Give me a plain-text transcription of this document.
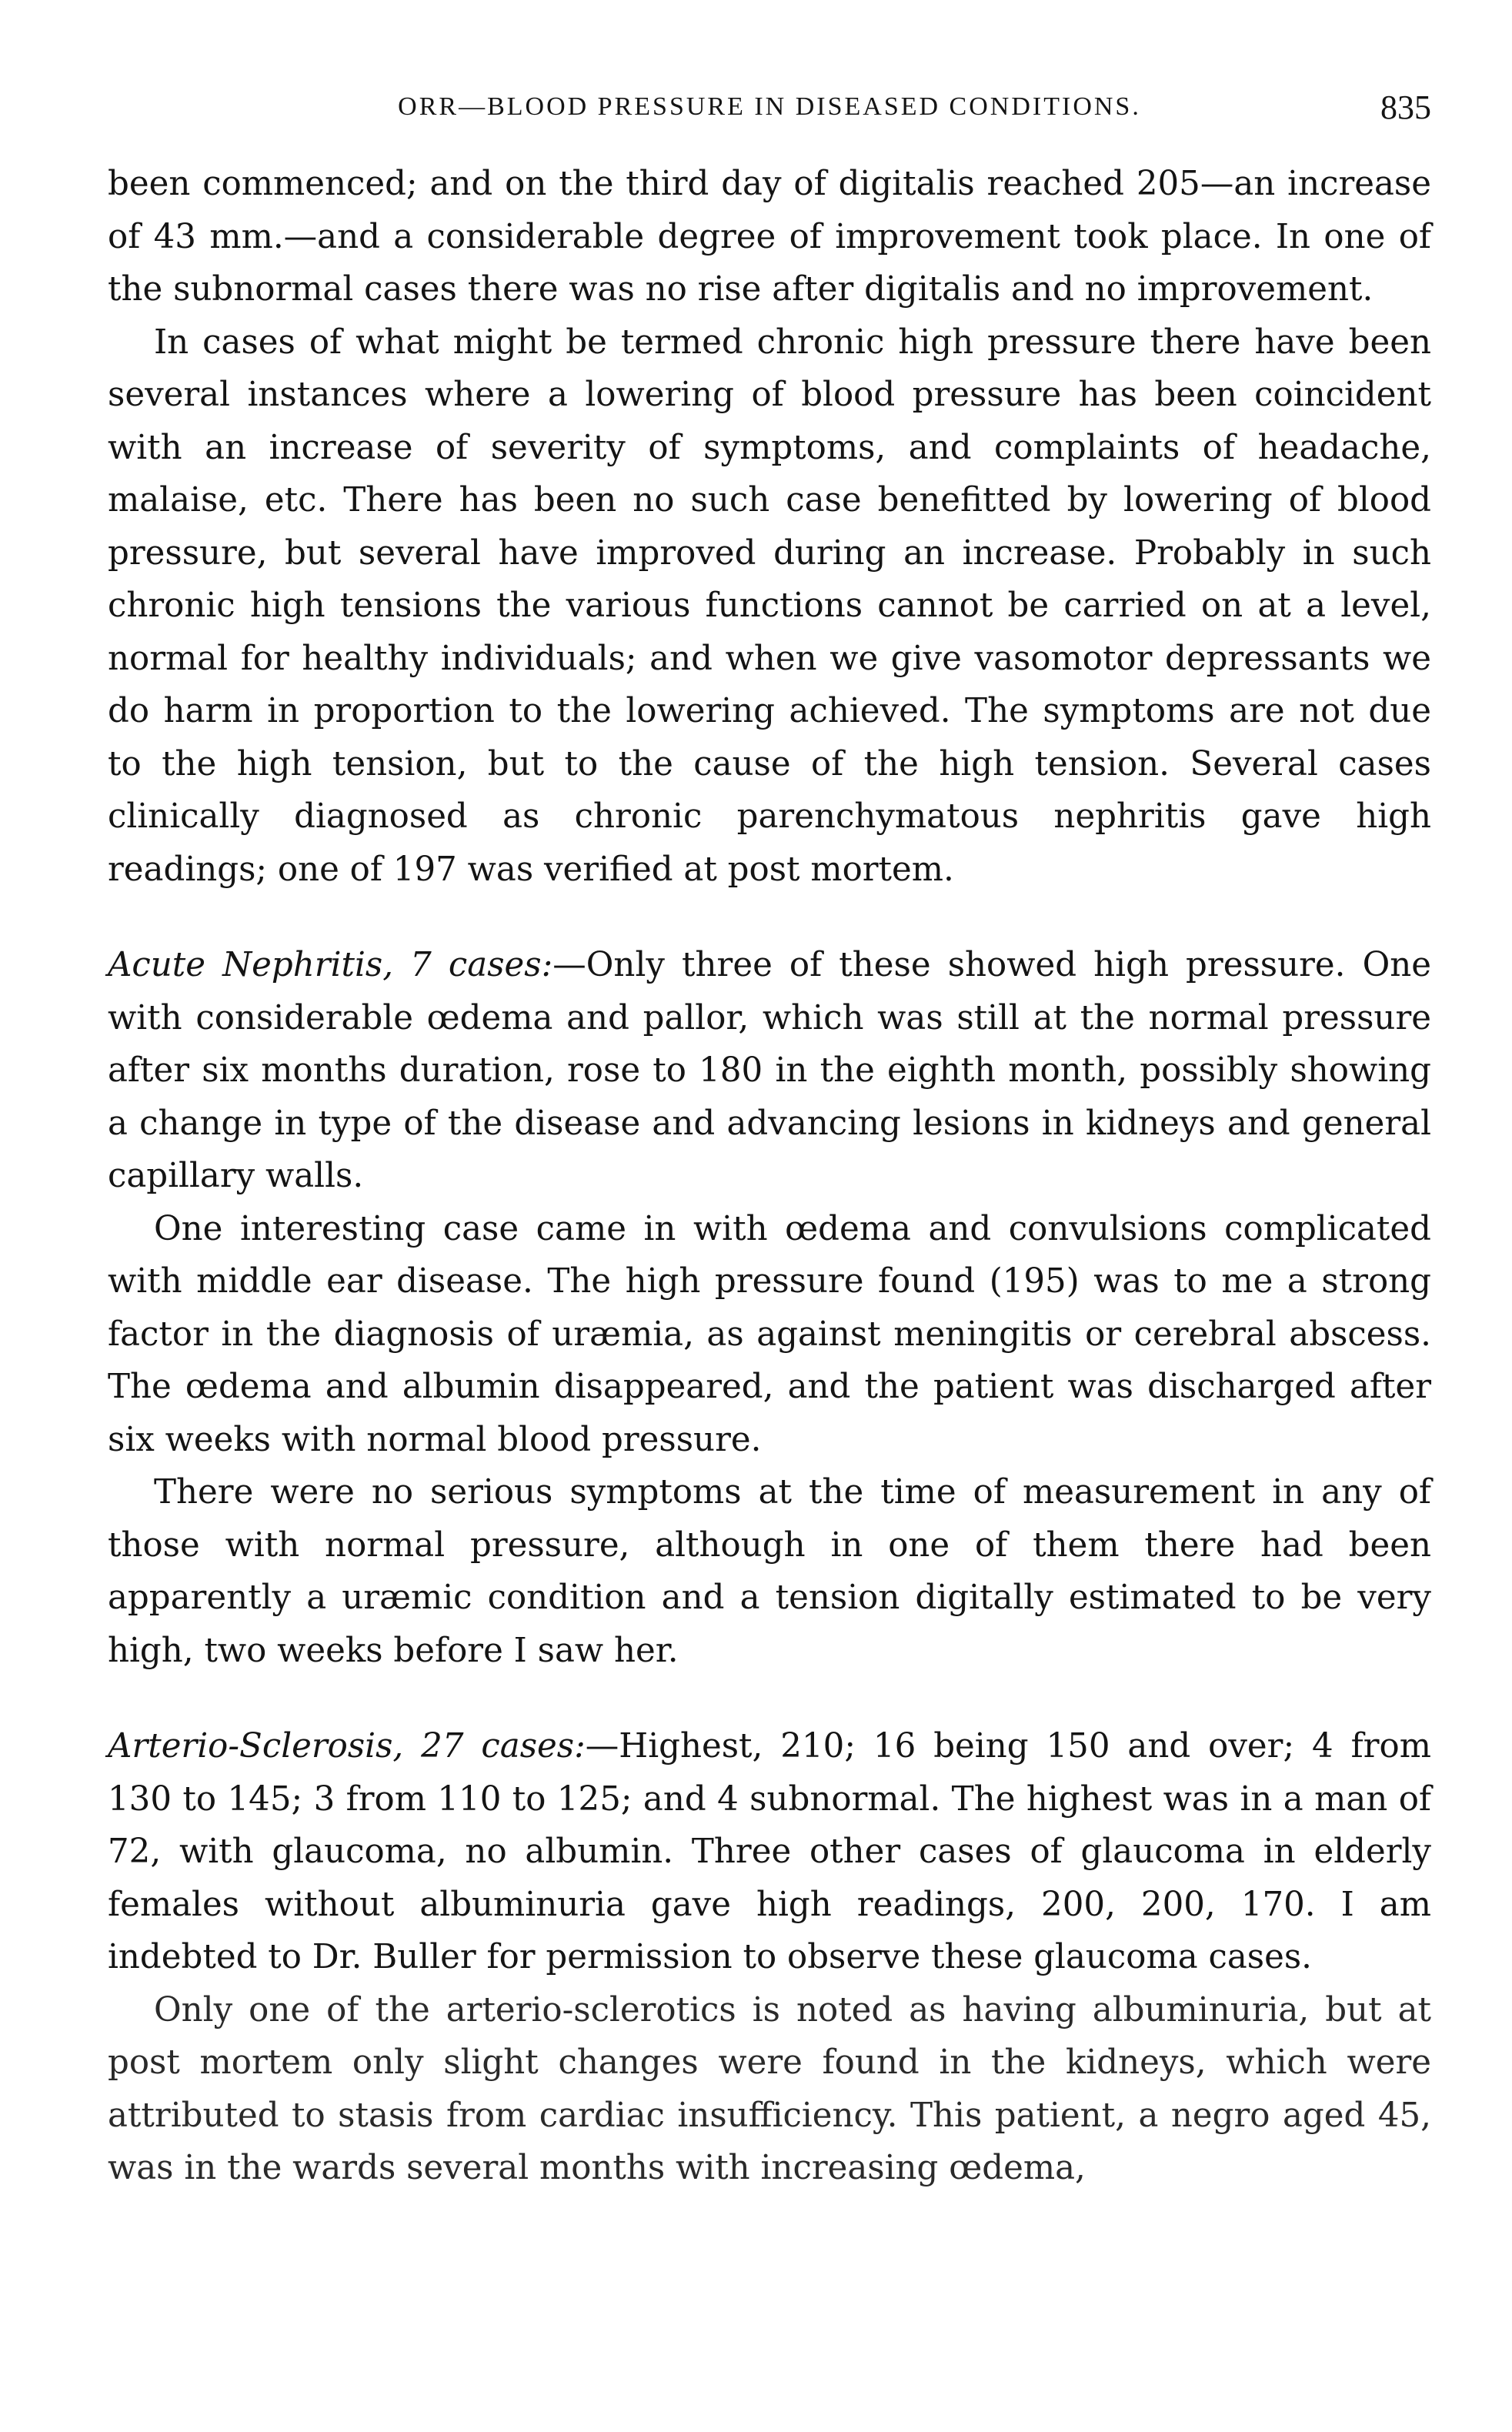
ORR—BLOOD PRESSURE IN DISEASED CONDITIONS.	835

been commenced; and on the third day of digitalis reached 205—an increase of 43 mm.—and a considerable degree of improvement took place. In one of the subnormal cases there was no rise after digitalis and no improvement.

In cases of what might be termed chronic high pressure there have been several instances where a lowering of blood pressure has been coincident with an increase of severity of symptoms, and complaints of headache, malaise, etc. There has been no such case benefitted by lowering of blood pressure, but several have improved during an increase. Probably in such chronic high tensions the various functions cannot be carried on at a level, normal for healthy individuals; and when we give vasomotor depressants we do harm in proportion to the lowering achieved. The symptoms are not due to the high tension, but to the cause of the high tension. Several cases clinically diagnosed as chronic parenchymatous nephritis gave high readings; one of 197 was verified at post mortem.

Acute Nephritis, 7 cases:—Only three of these showed high pressure. One with considerable œdema and pallor, which was still at the normal pressure after six months duration, rose to 180 in the eighth month, possibly showing a change in type of the disease and advancing lesions in kidneys and general capillary walls.

One interesting case came in with œdema and convulsions complicated with middle ear disease. The high pressure found (195) was to me a strong factor in the diagnosis of uræmia, as against meningitis or cerebral abscess. The œdema and albumin disappeared, and the patient was discharged after six weeks with normal blood pressure.

There were no serious symptoms at the time of measurement in any of those with normal pressure, although in one of them there had been apparently a uræmic condition and a tension digitally estimated to be very high, two weeks before I saw her.

Arterio-Sclerosis, 27 cases:—Highest, 210; 16 being 150 and over; 4 from 130 to 145; 3 from 110 to 125; and 4 subnormal. The highest was in a man of 72, with glaucoma, no albumin. Three other cases of glaucoma in elderly females without albuminuria gave high readings, 200, 200, 170. I am indebted to Dr. Buller for permission to observe these glaucoma cases.

Only one of the arterio-sclerotics is noted as having albuminuria, but at post mortem only slight changes were found in the kidneys, which were attributed to stasis from cardiac insufficiency. This patient, a negro aged 45, was in the wards several months with increasing œdema,
